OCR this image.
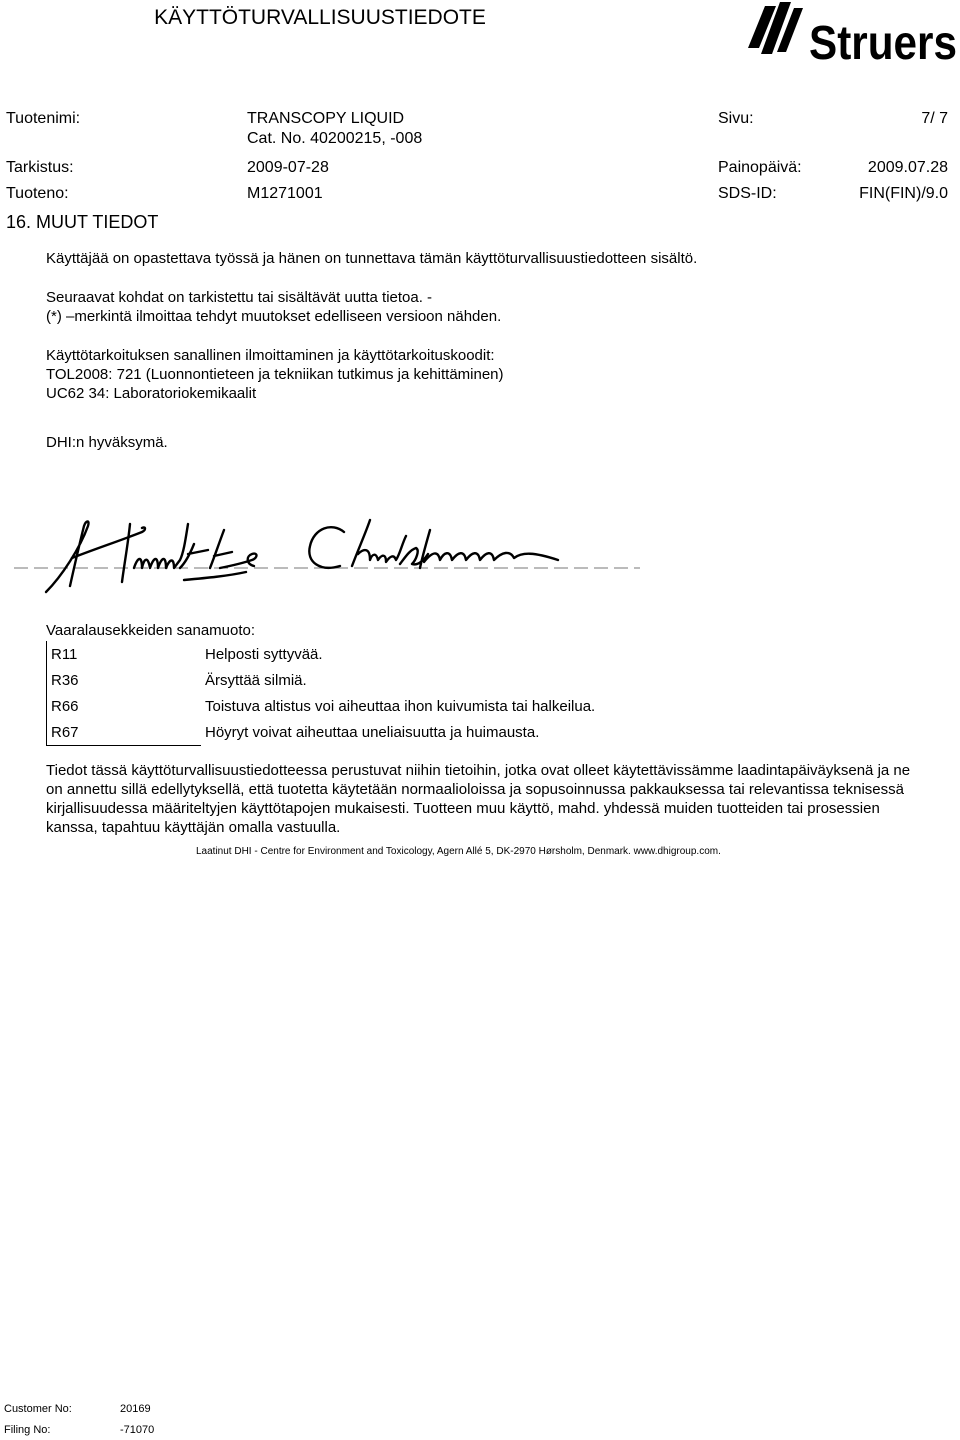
KÄYTTÖTURVALLISUUSTIEDOTE	Struers
Tuotenimi:	TRANSCOPY LIQUID
Cat. No. 40200215, -008
Sivu:	7/ 7
Tarkistus:	2009-07-28	Painopäivä:	2009.07.28
Tuoteno:	M1271001	SDS-ID:	FIN(FIN)/9.0
16. MUUT TIEDOT
Käyttäjää on opastettava työssä ja hänen on tunnettava tämän käyttöturvallisuustiedotteen sisältö.
Seuraavat kohdat on tarkistettu tai sisältävät uutta tietoa. -
(*) –merkintä ilmoittaa tehdyt muutokset edelliseen versioon nähden.
Käyttötarkoituksen sanallinen ilmoittaminen ja käyttötarkoituskoodit:
TOL2008: 721 (Luonnontieteen ja tekniikan tutkimus ja kehittäminen)
UC62 34: Laboratoriokemikaalit
DHI:n hyväksymä.
Vaaralausekkeiden sanamuoto:
R11	Helposti syttyvää.
R36	Ärsyttää silmiä.
R66	Toistuva altistus voi aiheuttaa ihon kuivumista tai halkeilua.
R67	Höyryt voivat aiheuttaa uneliaisuutta ja huimausta.
Tiedot tässä käyttöturvallisuustiedotteessa perustuvat niihin tietoihin, jotka ovat olleet käytettävissämme laadintapäiväyksenä ja ne on annettu sillä edellytyksellä, että tuotetta käytetään normaalioloissa ja sopusoinnussa pakkauksessa tai relevantissa teknisessä kirjallisuudessa määriteltyjen käyttötapojen mukaisesti. Tuotteen muu käyttö, mahd. yhdessä muiden tuotteiden tai prosessien kanssa, tapahtuu käyttäjän omalla vastuulla.
Laatinut DHI - Centre for Environment and Toxicology, Agern Allé 5, DK-2970 Hørsholm, Denmark. www.dhigroup.com.
Customer No:	20169
Filing No:	-71070
